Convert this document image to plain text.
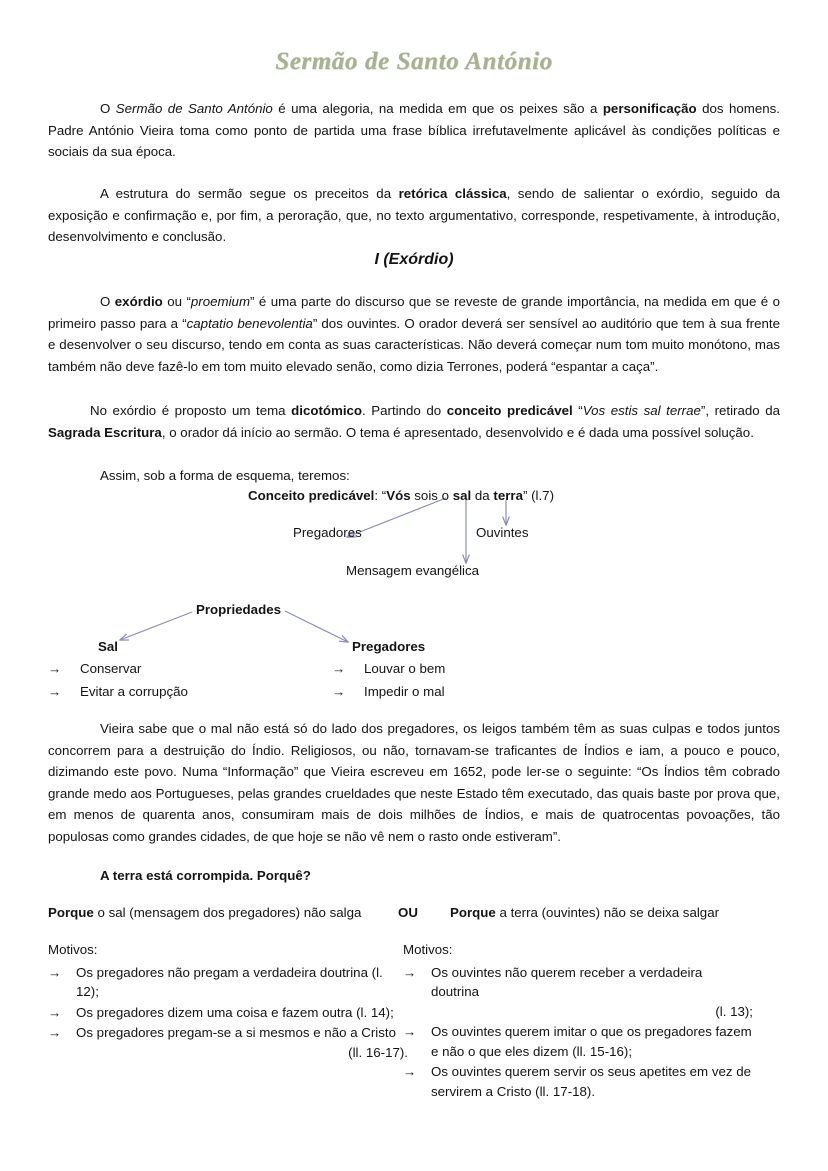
Sermão de Santo António
O Sermão de Santo António é uma alegoria, na medida em que os peixes são a personificação dos homens. Padre António Vieira toma como ponto de partida uma frase bíblica irrefutavelmente aplicável às condições políticas e sociais da sua época.
A estrutura do sermão segue os preceitos da retórica clássica, sendo de salientar o exórdio, seguido da exposição e confirmação e, por fim, a peroração, que, no texto argumentativo, corresponde, respetivamente, à introdução, desenvolvimento e conclusão.
I (Exórdio)
O exórdio ou “proemium” é uma parte do discurso que se reveste de grande importância, na medida em que é o primeiro passo para a “captatio benevolentia” dos ouvintes. O orador deverá ser sensível ao auditório que tem à sua frente e desenvolver o seu discurso, tendo em conta as suas características. Não deverá começar num tom muito monótono, mas também não deve fazê-lo em tom muito elevado senão, como dizia Terrones, poderá “espantar a caça”.
No exórdio é proposto um tema dicotómico. Partindo do conceito predicável “Vos estis sal terrae”, retirado da Sagrada Escritura, o orador dá início ao sermão. O tema é apresentado, desenvolvido e é dada uma possível solução.
Assim, sob a forma de esquema, teremos:
Conceito predicável: “Vós sois o sal da terra” (l.7)
Pregadores	Ouvintes
Mensagem evangélica
Propriedades
Sal	Pregadores
→	Conservar
→	Evitar a corrupção
→	Louvar o bem
→	Impedir o mal
Vieira sabe que o mal não está só do lado dos pregadores, os leigos também têm as suas culpas e todos juntos concorrem para a destruição do Índio. Religiosos, ou não, tornavam-se traficantes de Índios e iam, a pouco e pouco, dizimando este povo. Numa “Informação” que Vieira escreveu em 1652, pode ler-se o seguinte: “Os Índios têm cobrado grande medo aos Portugueses, pelas grandes crueldades que neste Estado têm executado, das quais baste por prova que, em menos de quarenta anos, consumiram mais de dois milhões de Índios, e mais de quatrocentas povoações, tão populosas como grandes cidades, de que hoje se não vê nem o rasto onde estiveram”.
A terra está corrompida. Porquê?
Porque o sal (mensagem dos pregadores) não salga	OU Porque a terra (ouvintes) não se deixa salgar
Motivos:
→	Os pregadores não pregam a verdadeira doutrina (l. 12);
→	Os pregadores dizem uma coisa e fazem outra (l. 14);
→	Os pregadores pregam-se a si mesmos e não a Cristo
(ll. 16-17).
Motivos:
→	Os ouvintes não querem receber a verdadeira doutrina
(l. 13);
→	Os ouvintes querem imitar o que os pregadores fazem e não o que eles dizem (ll. 15-16);
→	Os ouvintes querem servir os seus apetites em vez de servirem a Cristo (ll. 17-18).
